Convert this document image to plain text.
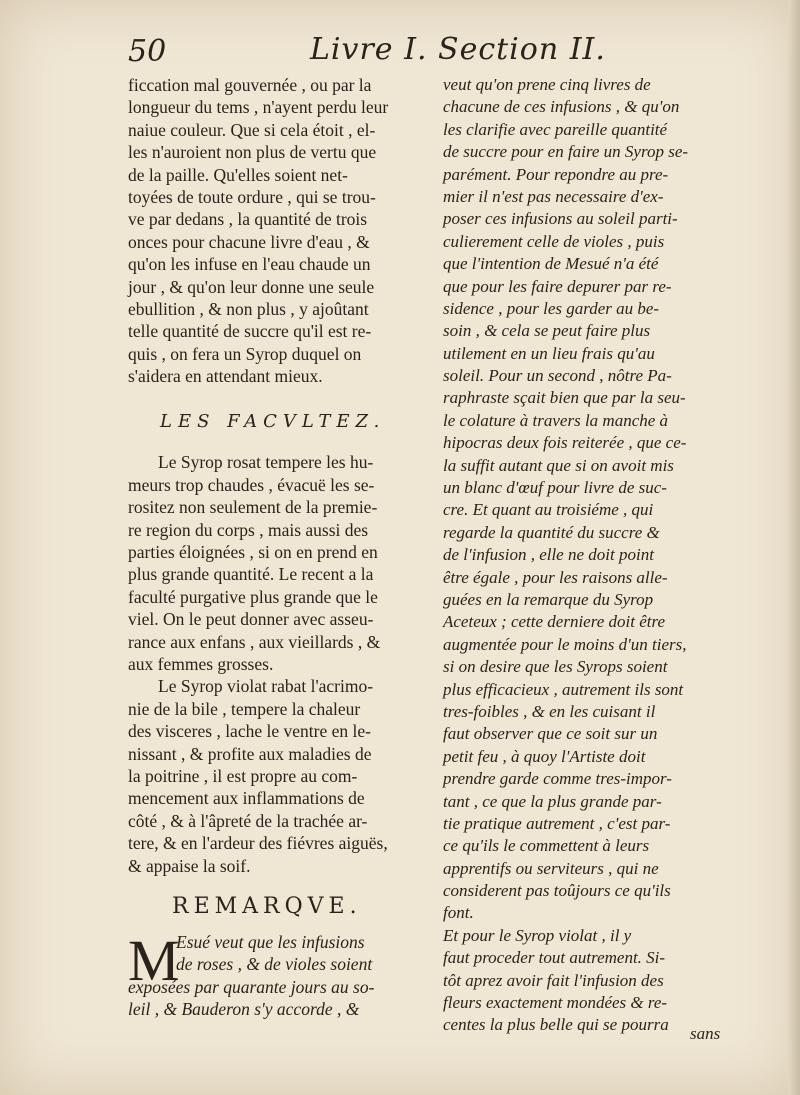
50	Livre I. Section II.
ficcation mal gouvernée , ou par la
longueur du tems , n'ayent perdu leur
naiue couleur. Que si cela étoit , el-
les n'auroient non plus de vertu que
de la paille. Qu'elles soient net-
toyées de toute ordure , qui se trou-
ve par dedans , la quantité de trois
onces pour chacune livre d'eau , &
qu'on les infuse en l'eau chaude un
jour , & qu'on leur donne une seule
ebullition , & non plus , y ajoûtant
telle quantité de succre qu'il est re-
quis , on fera un Syrop duquel on
s'aidera en attendant mieux.
LES FACVLTEZ.
Le Syrop rosat tempere les hu-
meurs trop chaudes , évacuë les se-
rositez non seulement de la premie-
re region du corps , mais aussi des
parties éloignées , si on en prend en
plus grande quantité. Le recent a la
faculté purgative plus grande que le
viel. On le peut donner avec asseu-
rance aux enfans , aux vieillards , &
aux femmes grosses.
Le Syrop violat rabat l'acrimo-
nie de la bile , tempere la chaleur
des visceres , lache le ventre en le-
nissant , & profite aux maladies de
la poitrine , il est propre au com-
mencement aux inflammations de
côté , & à l'âpreté de la trachée ar-
tere, & en l'ardeur des fiévres aiguës,
& appaise la soif.
REMARQVE.
M
Esué veut que les infusions
de roses , & de violes soient
exposées par quarante jours au so-
leil , & Bauderon s'y accorde , &
veut qu'on prene cinq livres de
chacune de ces infusions , & qu'on
les clarifie avec pareille quantité
de succre pour en faire un Syrop se-
parément. Pour repondre au pre-
mier il n'est pas necessaire d'ex-
poser ces infusions au soleil parti-
culierement celle de violes , puis
que l'intention de Mesué n'a été
que pour les faire depurer par re-
sidence , pour les garder au be-
soin , & cela se peut faire plus
utilement en un lieu frais qu'au
soleil. Pour un second , nôtre Pa-
raphraste sçait bien que par la seu-
le colature à travers la manche à
hipocras deux fois reiterée , que ce-
la suffit autant que si on avoit mis
un blanc d'œuf pour livre de suc-
cre. Et quant au troisiéme , qui
regarde la quantité du succre &
de l'infusion , elle ne doit point
être égale , pour les raisons alle-
guées en la remarque du Syrop
Aceteux ; cette derniere doit être
augmentée pour le moins d'un tiers,
si on desire que les Syrops soient
plus efficacieux , autrement ils sont
tres-foibles , & en les cuisant il
faut observer que ce soit sur un
petit feu , à quoy l'Artiste doit
prendre garde comme tres-impor-
tant , ce que la plus grande par-
tie pratique autrement , c'est par-
ce qu'ils le commettent à leurs
apprentifs ou serviteurs , qui ne
considerent pas toûjours ce qu'ils
font.
Et pour le Syrop violat , il y
faut proceder tout autrement. Si-
tôt aprez avoir fait l'infusion des
fleurs exactement mondées & re-
centes la plus belle qui se pourra	sans
